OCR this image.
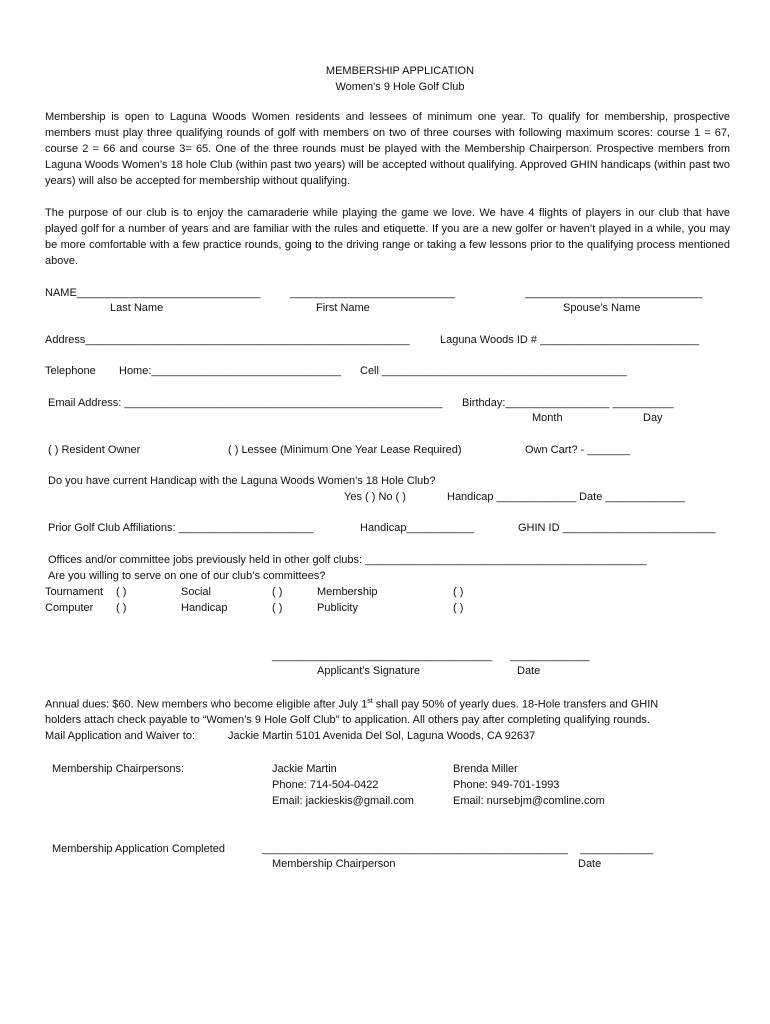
MEMBERSHIP APPLICATION
Women's 9 Hole Golf Club
Membership is open to Laguna Woods Women residents and lessees of minimum one year. To qualify for membership, prospective members must play three qualifying rounds of golf with members on two of three courses with following maximum scores: course 1 = 67, course 2 = 66 and course 3= 65. One of the three rounds must be played with the Membership Chairperson. Prospective members from Laguna Woods Women’s 18 hole Club (within past two years) will be accepted without qualifying. Approved GHIN handicaps (within past two years) will also be accepted for membership without qualifying.
The purpose of our club is to enjoy the camaraderie while playing the game we love. We have 4 flights of players in our club that have played golf for a number of years and are familiar with the rules and etiquette. If you are a new golfer or haven’t played in a while, you may be more comfortable with a few practice rounds, going to the driving range or taking a few lessons prior to the qualifying process mentioned above.
NAME______________________________	___________________________	_____________________________
Last Name	First Name	Spouse’s Name
Address_____________________________________________________	Laguna Woods ID # __________________________
Telephone Home:_______________________________ Cell ________________________________________
Email Address: ____________________________________________________ Birthday:_________________ __________
Month	Day
( ) Resident Owner	( ) Lessee (Minimum One Year Lease Required)	Own Cart? - _______
Do you have current Handicap with the Laguna Woods Women's 18 Hole Club?
Yes ( ) No ( )	Handicap _____________ Date _____________
Prior Golf Club Affiliations: ______________________	Handicap___________	GHIN ID _________________________
Offices and/or committee jobs previously held in other golf clubs: ______________________________________________
Are you willing to serve on one of our club’s committees?
Tournament ( )	Social	( )	Membership	( )
Computer ( )	Handicap	( )	Publicity	( )
____________________________________ _____________
Applicant's Signature	Date
Annual dues: $60. New members who become eligible after July 1st shall pay 50% of yearly dues. 18-Hole transfers and GHIN
holders attach check payable to “Women’s 9 Hole Golf Club” to application. All others pay after completing qualifying rounds.
Mail Application and Waiver to:	Jackie Martin 5101 Avenida Del Sol, Laguna Woods, CA 92637
Membership Chairpersons:	Jackie Martin
Phone: 714-504-0422
Email: jackieskis@gmail.com
Brenda Miller
Phone: 949-701-1993
Email: nursebjm@comline.com
Membership Application Completed	__________________________________________________ ____________
Membership Chairperson	Date
